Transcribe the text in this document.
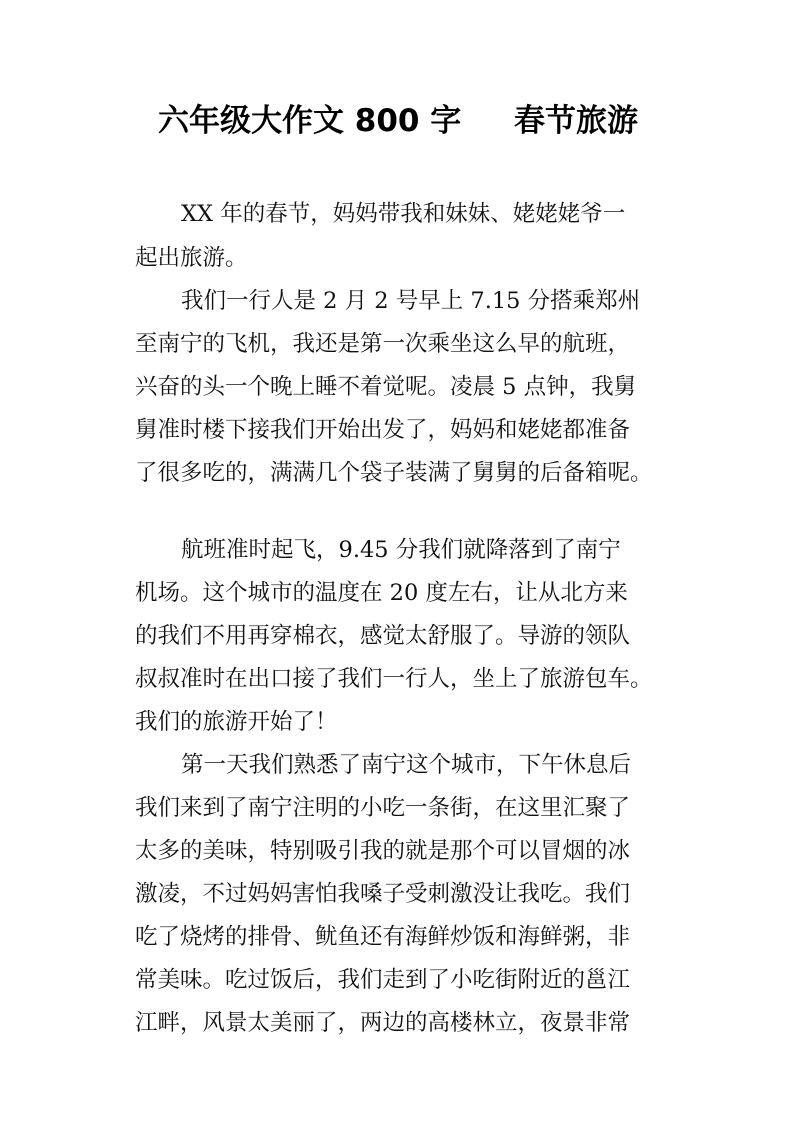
六年级大作文 800 字 春节旅游
XX 年的春节，妈妈带我和妹妹、姥姥姥爷一
起出旅游。
我们一行人是 2 月 2 号早上 7.15 分搭乘郑州
至南宁的飞机，我还是第一次乘坐这么早的航班，
兴奋的头一个晚上睡不着觉呢。凌晨 5 点钟，我舅
舅准时楼下接我们开始出发了，妈妈和姥姥都准备
了很多吃的，满满几个袋子装满了舅舅的后备箱呢。
航班准时起飞，9.45 分我们就降落到了南宁
机场。这个城市的温度在 20 度左右，让从北方来
的我们不用再穿棉衣，感觉太舒服了。导游的领队
叔叔准时在出口接了我们一行人，坐上了旅游包车。
我们的旅游开始了！
第一天我们熟悉了南宁这个城市，下午休息后
我们来到了南宁注明的小吃一条街，在这里汇聚了
太多的美味，特别吸引我的就是那个可以冒烟的冰
激凌，不过妈妈害怕我嗓子受刺激没让我吃。我们
吃了烧烤的排骨、鱿鱼还有海鲜炒饭和海鲜粥，非
常美味。吃过饭后，我们走到了小吃街附近的邕江
江畔，风景太美丽了，两边的高楼林立，夜景非常
